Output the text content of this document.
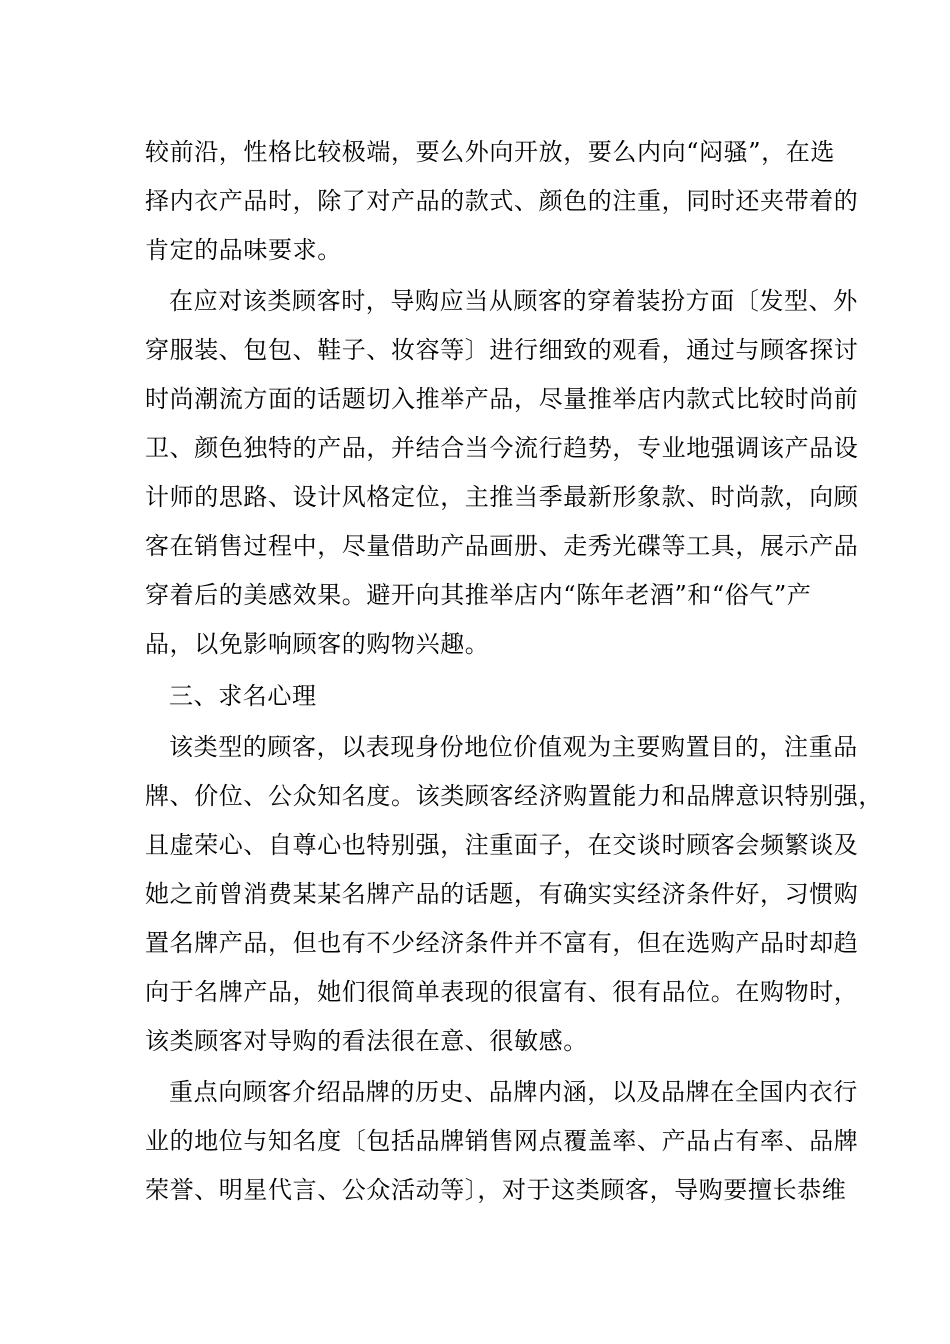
较前沿，性格比较极端，要么外向开放，要么内向“闷骚”，在选
择内衣产品时，除了对产品的款式、颜色的注重，同时还夹带着的
肯定的品味要求。
在应对该类顾客时，导购应当从顾客的穿着装扮方面〔发型、外
穿服装、包包、鞋子、妆容等〕进行细致的观看，通过与顾客探讨
时尚潮流方面的话题切入推举产品，尽量推举店内款式比较时尚前
卫、颜色独特的产品，并结合当今流行趋势，专业地强调该产品设
计师的思路、设计风格定位，主推当季最新形象款、时尚款，向顾
客在销售过程中，尽量借助产品画册、走秀光碟等工具，展示产品
穿着后的美感效果。避开向其推举店内“陈年老酒”和“俗气”产
品，以免影响顾客的购物兴趣。
三、求名心理
该类型的顾客，以表现身份地位价值观为主要购置目的，注重品
牌、价位、公众知名度。该类顾客经济购置能力和品牌意识特别强，
且虚荣心、自尊心也特别强，注重面子，在交谈时顾客会频繁谈及
她之前曾消费某某名牌产品的话题，有确实实经济条件好，习惯购
置名牌产品，但也有不少经济条件并不富有，但在选购产品时却趋
向于名牌产品，她们很简单表现的很富有、很有品位。在购物时，
该类顾客对导购的看法很在意、很敏感。
重点向顾客介绍品牌的历史、品牌内涵，以及品牌在全国内衣行
业的地位与知名度〔包括品牌销售网点覆盖率、产品占有率、品牌
荣誉、明星代言、公众活动等〕，对于这类顾客，导购要擅长恭维
